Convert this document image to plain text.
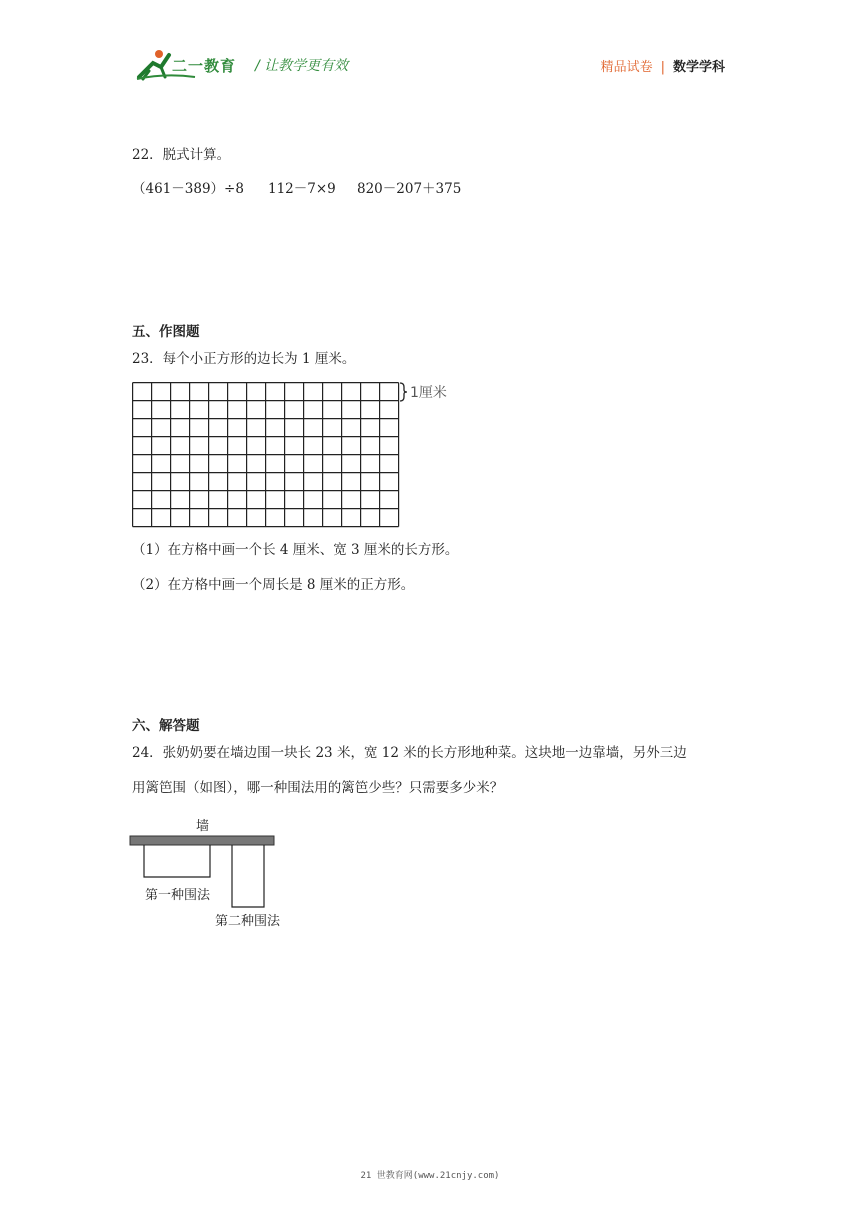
二一教育 / 让教学更有效	精品试卷 | 数学学科
22．脱式计算。
（461－389）÷8 112－7×9 820－207＋375
五、作图题
23．每个小正方形的边长为 1 厘米。
1厘米
（1）在方格中画一个长 4 厘米、宽 3 厘米的长方形。
（2）在方格中画一个周长是 8 厘米的正方形。
六、解答题
24．张奶奶要在墙边围一块长 23 米，宽 12 米的长方形地种菜。这块地一边靠墙，另外三边
用篱笆围（如图），哪一种围法用的篱笆少些？只需要多少米？
墙
第一种围法
第二种围法
21 世教育网(www.21cnjy.com)
